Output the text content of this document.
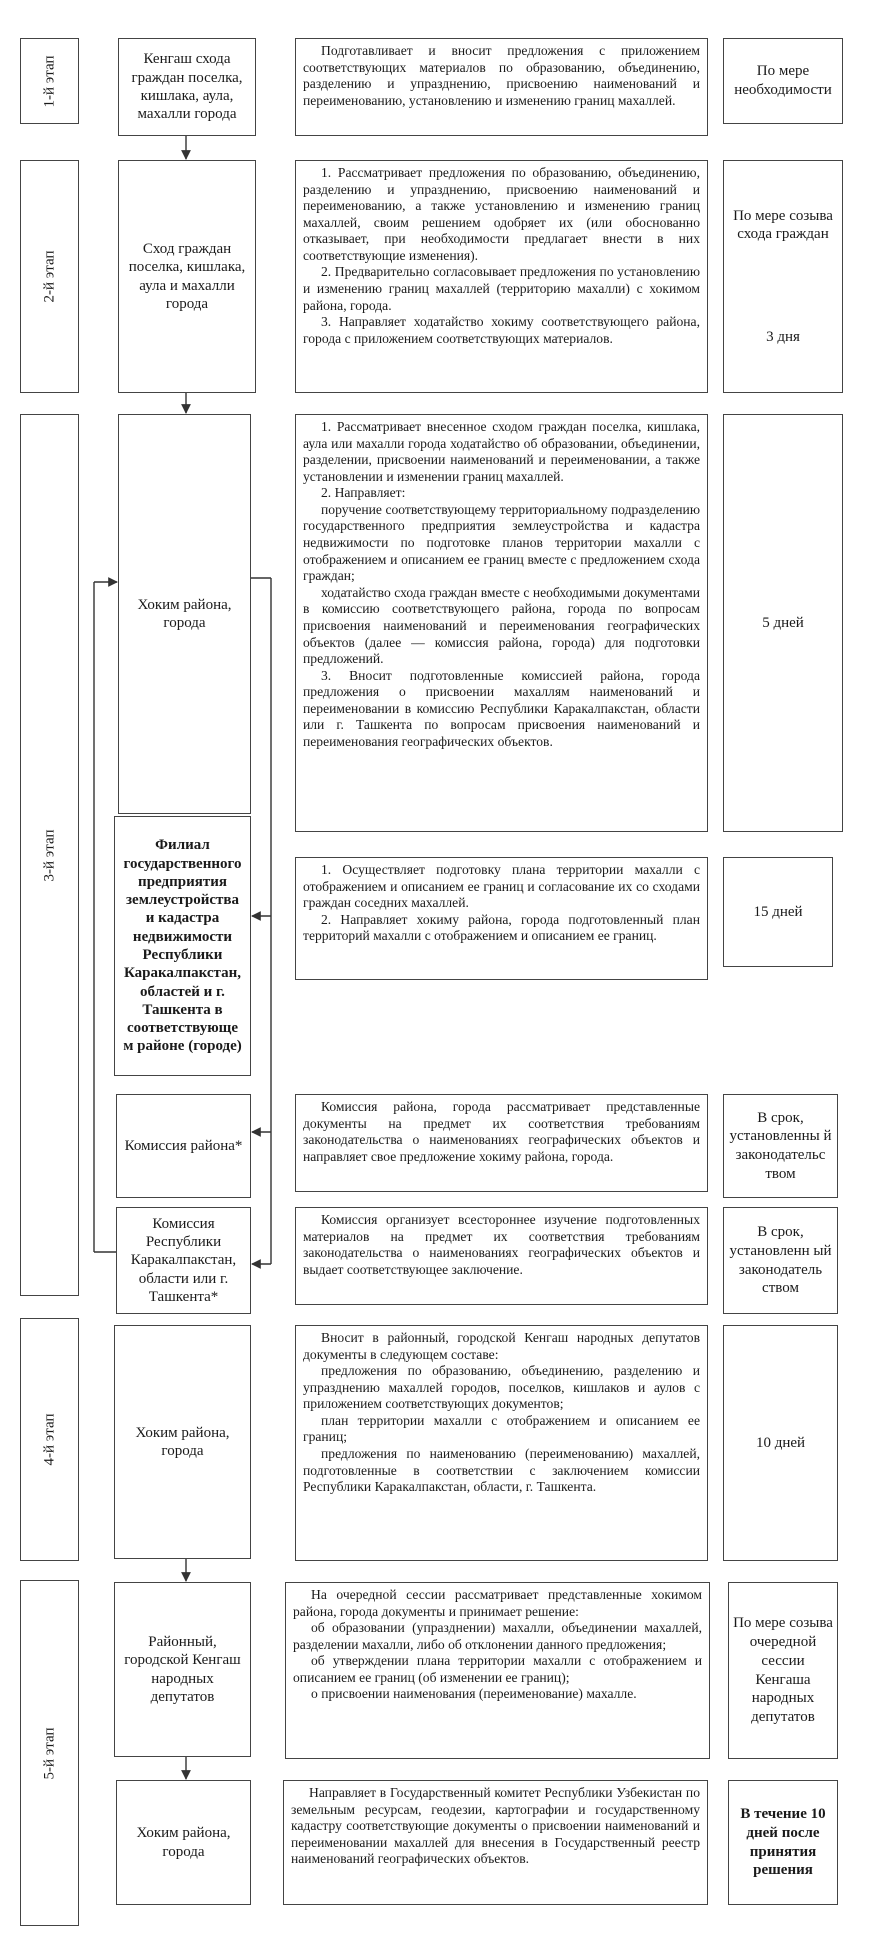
1-й этап
2-й этап
3-й этап
4-й этап
5-й этап
Кенгаш схода граждан поселка, кишлака, аула, махалли города

Подготавливает и вносит предложения с приложением соответствующих материалов по образованию, объединению, разделению и упразднению, присвоению наименований и переименованию, установлению и изменению границ махаллей.

По мере необходимости
Сход граждан поселка, кишлака, аула и махалли города

1. Рассматривает предложения по образованию, объединению, разделению и упразднению, присвоению наименований и переименованию, а также установлению и изменению границ махаллей, своим решением одобряет их (или обоснованно отказывает, при необходимости предлагает внести в них соответствующие изменения).

2. Предварительно согласовывает предложения по установлению и изменению границ махаллей (территорию махалли) с хокимом района, города.

3. Направляет ходатайство хокиму соответствующего района, города с приложением соответствующих материалов.

По мере созыва схода граждан
3 дня
Хоким района, города

1. Рассматривает внесенное сходом граждан поселка, кишлака, аула или махалли города ходатайство об образовании, объединении, разделении, присвоении наименований и переименовании, а также установлении и изменении границ махаллей.

2. Направляет:

поручение соответствующему территориальному подразделению государственного предприятия землеустройства и кадастра недвижимости по подготовке планов территории махалли с отображением и описанием ее границ вместе с предложением схода граждан;

ходатайство схода граждан вместе с необходимыми документами в комиссию соответствующего района, города по вопросам присвоения наименований и переименования географических объектов (далее — комиссия района, города) для подготовки предложений.

3. Вносит подготовленные комиссией района, города предложения о присвоении махаллям наименований и переименовании в комиссию Республики Каракалпакстан, области или г. Ташкента по вопросам присвоения наименований и переименования географических объектов.

5 дней
Филиал государственного предприятия землеустройства и кадастра недвижимости Республики Каракалпакстан, областей и г. Ташкента в соответствующе м районе (городе)

1. Осуществляет подготовку плана территории махалли с отображением и описанием ее границ и согласование их со сходами граждан соседних махаллей.

2. Направляет хокиму района, города подготовленный план территорий махалли с отображением и описанием ее границ.

15 дней
Комиссия района*

Комиссия района, города рассматривает представленные документы на предмет их соответствия требованиям законодательства о наименованиях географических объектов и направляет свое предложение хокиму района, города.

В срок, установленны й законодательс твом
Комиссия Республики Каракалпакстан, области или г. Ташкента*

Комиссия организует всестороннее изучение подготовленных материалов на предмет их соответствия требованиям законодательства о наименованиях географических объектов и выдает соответствующее заключение.

В срок, установленн ый законодатель ством
Хоким района, города

Вносит в районный, городской Кенгаш народных депутатов документы в следующем составе:

предложения по образованию, объединению, разделению и упразднению махаллей городов, поселков, кишлаков и аулов с приложением соответствующих документов;

план территории махалли с отображением и описанием ее границ;

предложения по наименованию (переименованию) махаллей, подготовленные в соответствии с заключением комиссии Республики Каракалпакстан, области, г. Ташкента.

10 дней
Районный, городской Кенгаш народных депутатов

На очередной сессии рассматривает представленные хокимом района, города документы и принимает решение:

об образовании (упразднении) махалли, объединении махаллей, разделении махалли, либо об отклонении данного предложения;

об утверждении плана территории махалли с отображением и описанием ее границ (об изменении ее границ);

о присвоении наименования (переименование) махалле.

По мере созыва очередной сессии Кенгаша народных депутатов
Хоким района, города

Направляет в Государственный комитет Республики Узбекистан по земельным ресурсам, геодезии, картографии и государственному кадастру соответствующие документы о присвоении наименований и переименовании махаллей для внесения в Государственный реестр наименований географических объектов.

В течение 10 дней после принятия решения
